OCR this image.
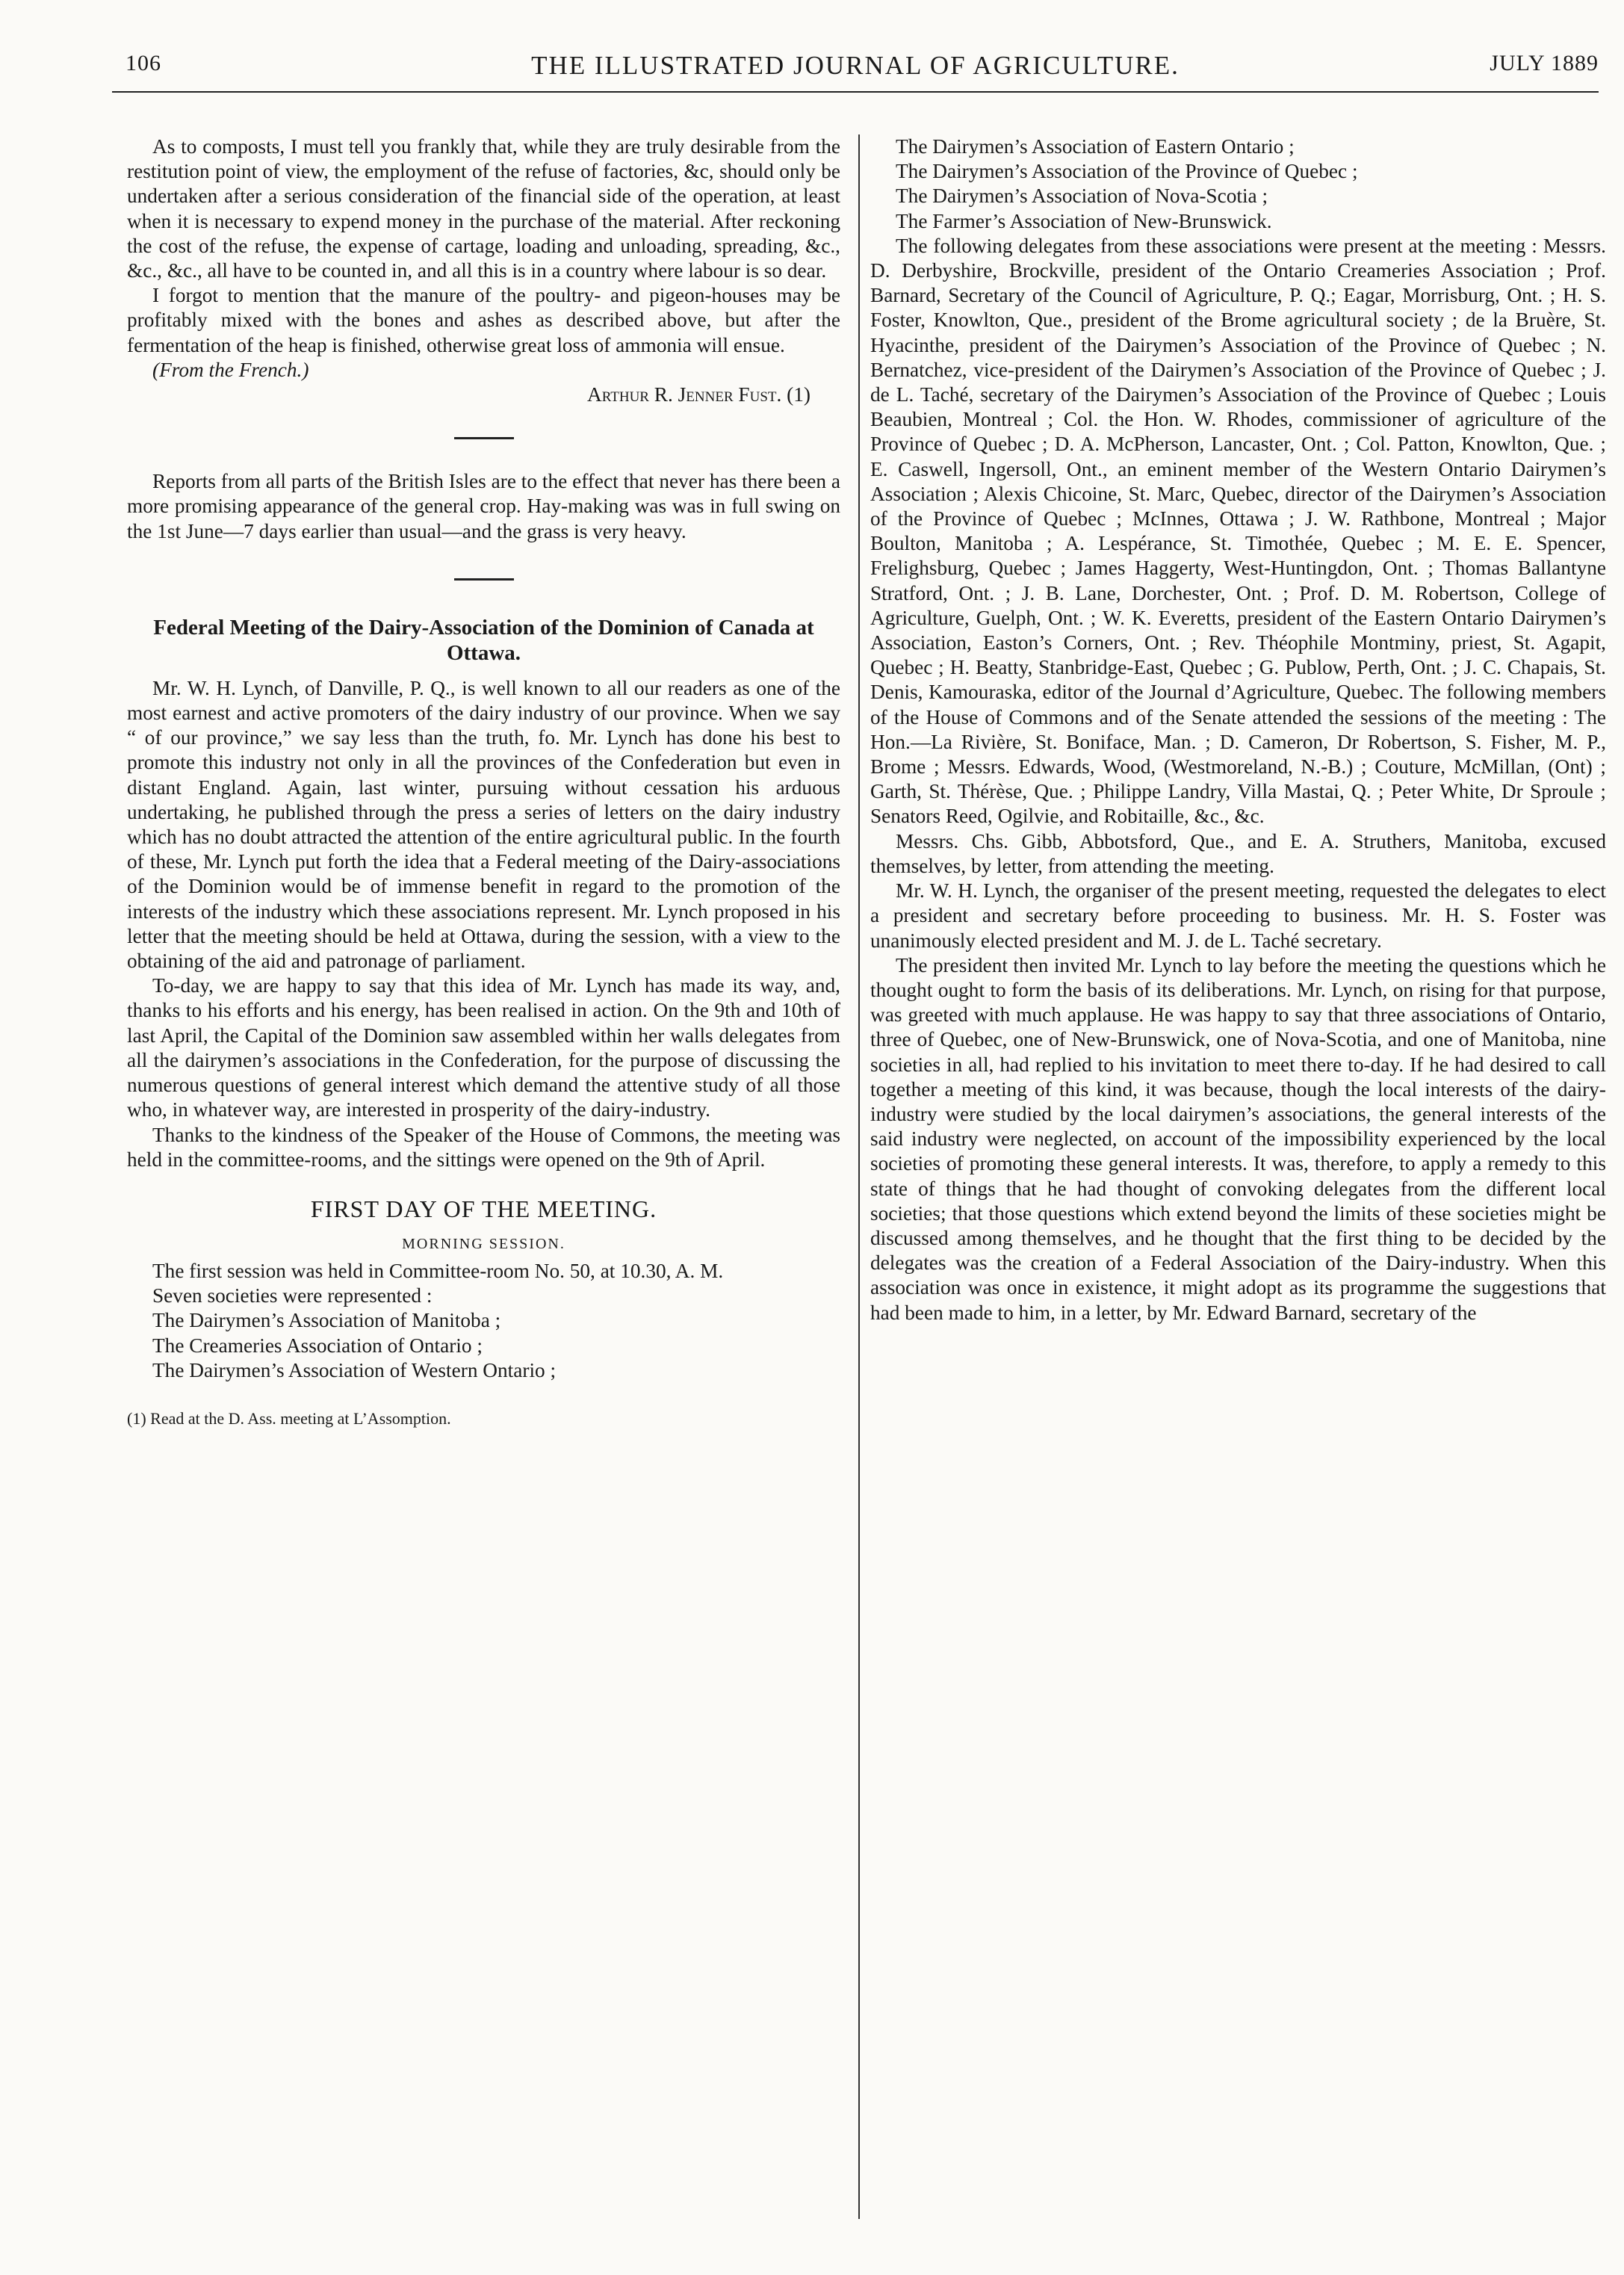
106	THE ILLUSTRATED JOURNAL OF AGRICULTURE.	JULY 1889

As to composts, I must tell you frankly that, while they are truly desirable from the restitution point of view, the employment of the refuse of factories, &c, should only be undertaken after a serious consideration of the financial side of the operation, at least when it is necessary to expend money in the purchase of the material. After reckoning the cost of the refuse, the expense of cartage, loading and unloading, spreading, &c., &c., &c., all have to be counted in, and all this is in a country where labour is so dear.

I forgot to mention that the manure of the poultry- and pigeon-houses may be profitably mixed with the bones and ashes as described above, but after the fermentation of the heap is finished, otherwise great loss of ammonia will ensue.

(From the French.)

Arthur R. Jenner Fust. (1)

Reports from all parts of the British Isles are to the effect that never has there been a more promising appearance of the general crop. Hay-making was was in full swing on the 1st June—7 days earlier than usual—and the grass is very heavy.

Federal Meeting of the Dairy-Association of the Dominion of Canada at Ottawa.

Mr. W. H. Lynch, of Danville, P. Q., is well known to all our readers as one of the most earnest and active promoters of the dairy industry of our province. When we say “ of our province,” we say less than the truth, fo. Mr. Lynch has done his best to promote this industry not only in all the provinces of the Confederation but even in distant England. Again, last winter, pursuing without cessation his arduous undertaking, he published through the press a series of letters on the dairy industry which has no doubt attracted the attention of the entire agricultural public. In the fourth of these, Mr. Lynch put forth the idea that a Federal meeting of the Dairy-associations of the Dominion would be of immense benefit in regard to the promotion of the interests of the industry which these associations represent. Mr. Lynch proposed in his letter that the meeting should be held at Ottawa, during the session, with a view to the obtaining of the aid and patronage of parliament.

To-day, we are happy to say that this idea of Mr. Lynch has made its way, and, thanks to his efforts and his energy, has been realised in action. On the 9th and 10th of last April, the Capital of the Dominion saw assembled within her walls delegates from all the dairymen’s associations in the Confederation, for the purpose of discussing the numerous questions of general interest which demand the attentive study of all those who, in whatever way, are interested in prosperity of the dairy-industry.

Thanks to the kindness of the Speaker of the House of Commons, the meeting was held in the committee-rooms, and the sittings were opened on the 9th of April.

FIRST DAY OF THE MEETING.
MORNING SESSION.

The first session was held in Committee-room No. 50, at 10.30, A. M.

Seven societies were represented :

The Dairymen’s Association of Manitoba ;

The Creameries Association of Ontario ;

The Dairymen’s Association of Western Ontario ;

(1) Read at the D. Ass. meeting at L’Assomption.

The Dairymen’s Association of Eastern Ontario ;

The Dairymen’s Association of the Province of Quebec ;

The Dairymen’s Association of Nova-Scotia ;

The Farmer’s Association of New-Brunswick.

The following delegates from these associations were present at the meeting : Messrs. D. Derbyshire, Brockville, president of the Ontario Creameries Association ; Prof. Barnard, Secretary of the Council of Agriculture, P. Q.; Eagar, Morrisburg, Ont. ; H. S. Foster, Knowlton, Que., president of the Brome agricultural society ; de la Bruère, St. Hyacinthe, president of the Dairymen’s Association of the Province of Quebec ; N. Bernatchez, vice-president of the Dairymen’s Association of the Province of Quebec ; J. de L. Taché, secretary of the Dairymen’s Association of the Province of Quebec ; Louis Beaubien, Montreal ; Col. the Hon. W. Rhodes, commissioner of agriculture of the Province of Quebec ; D. A. McPherson, Lancaster, Ont. ; Col. Patton, Knowlton, Que. ; E. Caswell, Ingersoll, Ont., an eminent member of the Western Ontario Dairymen’s Association ; Alexis Chicoine, St. Marc, Quebec, director of the Dairymen’s Association of the Province of Quebec ; McInnes, Ottawa ; J. W. Rathbone, Montreal ; Major Boulton, Manitoba ; A. Lespérance, St. Timothée, Quebec ; M. E. E. Spencer, Frelighsburg, Quebec ; James Haggerty, West-Huntingdon, Ont. ; Thomas Ballantyne Stratford, Ont. ; J. B. Lane, Dorchester, Ont. ; Prof. D. M. Robertson, College of Agriculture, Guelph, Ont. ; W. K. Everetts, president of the Eastern Ontario Dairymen’s Association, Easton’s Corners, Ont. ; Rev. Théophile Montminy, priest, St. Agapit, Quebec ; H. Beatty, Stanbridge-East, Quebec ; G. Publow, Perth, Ont. ; J. C. Chapais, St. Denis, Kamouraska, editor of the Journal d’Agriculture, Quebec. The following members of the House of Commons and of the Senate attended the sessions of the meeting : The Hon.—La Rivière, St. Boniface, Man. ; D. Cameron, Dr Robertson, S. Fisher, M. P., Brome ; Messrs. Edwards, Wood, (Westmoreland, N.-B.) ; Couture, McMillan, (Ont) ; Garth, St. Thérèse, Que. ; Philippe Landry, Villa Mastai, Q. ; Peter White, Dr Sproule ; Senators Reed, Ogilvie, and Robitaille, &c., &c.

Messrs. Chs. Gibb, Abbotsford, Que., and E. A. Struthers, Manitoba, excused themselves, by letter, from attending the meeting.

Mr. W. H. Lynch, the organiser of the present meeting, requested the delegates to elect a president and secretary before proceeding to business. Mr. H. S. Foster was unanimously elected president and M. J. de L. Taché secretary.

The president then invited Mr. Lynch to lay before the meeting the questions which he thought ought to form the basis of its deliberations. Mr. Lynch, on rising for that purpose, was greeted with much applause. He was happy to say that three associations of Ontario, three of Quebec, one of New-Brunswick, one of Nova-Scotia, and one of Manitoba, nine societies in all, had replied to his invitation to meet there to-day. If he had desired to call together a meeting of this kind, it was because, though the local interests of the dairy-industry were studied by the local dairymen’s associations, the general interests of the said industry were neglected, on account of the impossibility experienced by the local societies of promoting these general interests. It was, therefore, to apply a remedy to this state of things that he had thought of convoking delegates from the different local societies; that those questions which extend beyond the limits of these societies might be discussed among themselves, and he thought that the first thing to be decided by the delegates was the creation of a Federal Association of the Dairy-industry. When this association was once in existence, it might adopt as its programme the suggestions that had been made to him, in a letter, by Mr. Edward Barnard, secretary of the
